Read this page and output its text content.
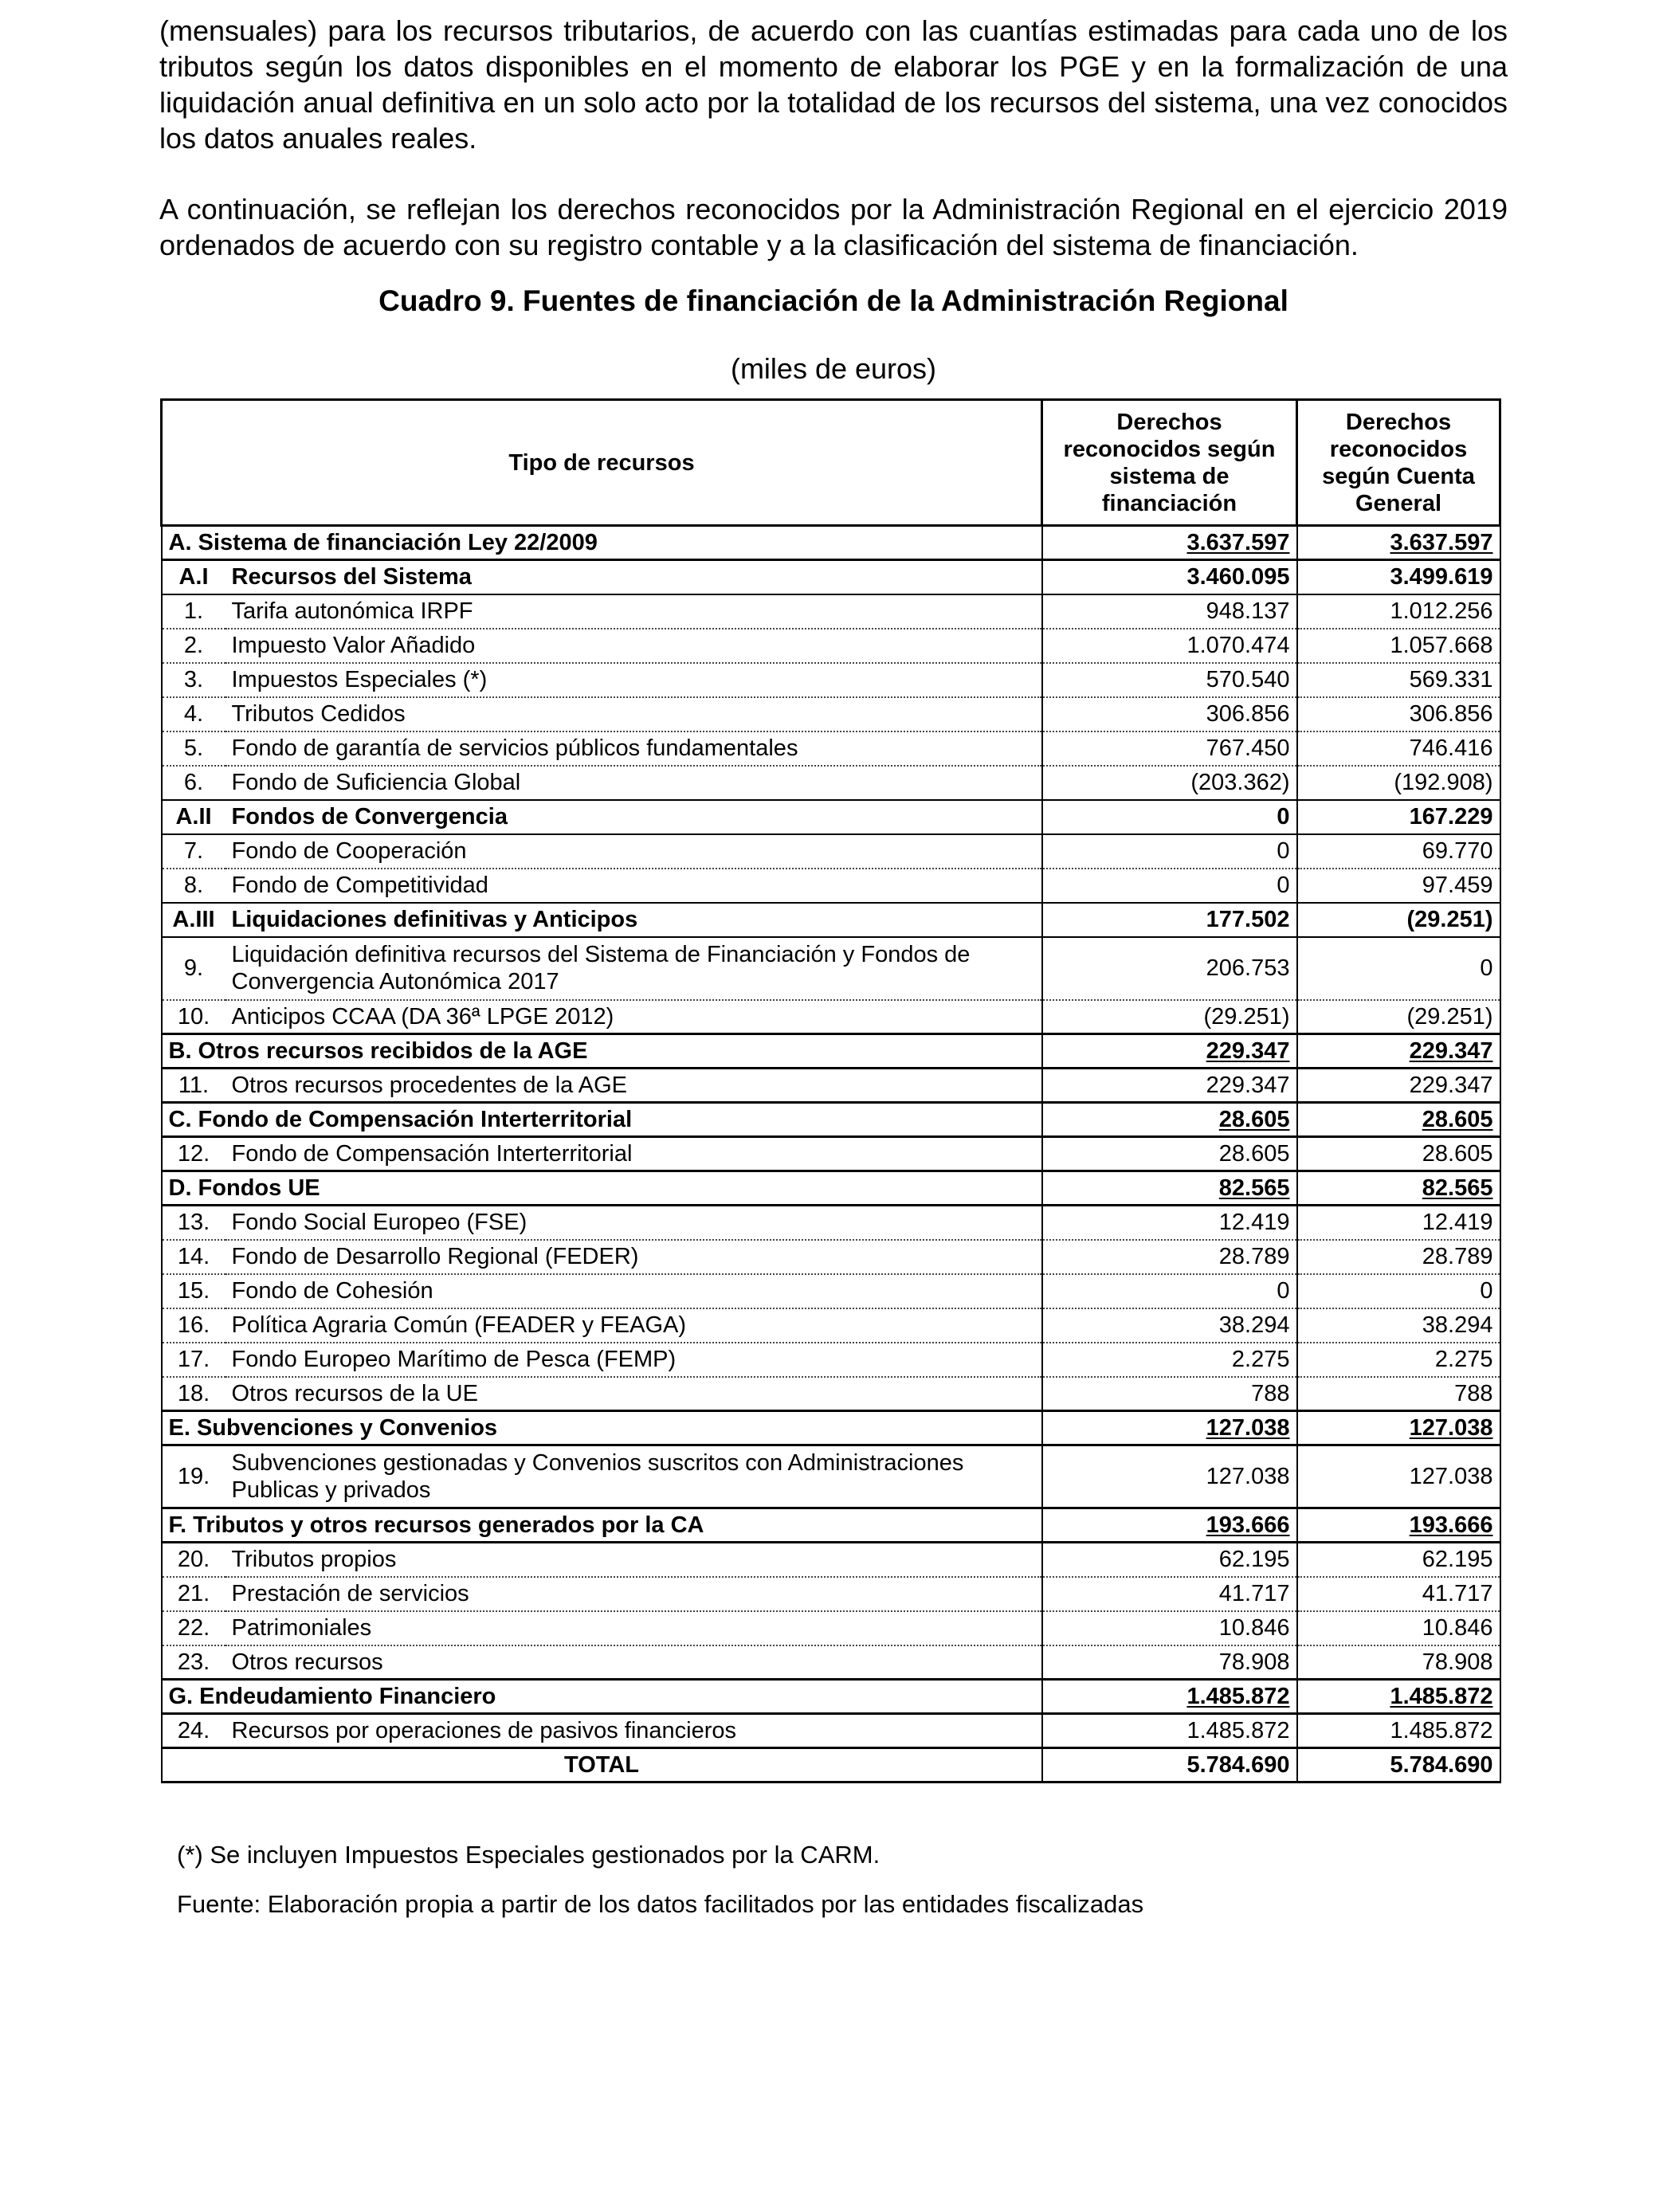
(mensuales) para los recursos tributarios, de acuerdo con las cuantías estimadas para cada uno de los tributos según los datos disponibles en el momento de elaborar los PGE y en la formalización de una liquidación anual definitiva en un solo acto por la totalidad de los recursos del sistema, una vez conocidos los datos anuales reales.

A continuación, se reflejan los derechos reconocidos por la Administración Regional en el ejercicio 2019 ordenados de acuerdo con su registro contable y a la clasificación del sistema de financiación.

Cuadro 9. Fuentes de financiación de la Administración Regional
(miles de euros)
Tipo de recursos		Derechos reconocidos según sistema de financiación	Derechos reconocidos según Cuenta General
A. Sistema de financiación Ley 22/2009		3.637.597	3.637.597
A.I	Recursos del Sistema	3.460.095	3.499.619
1.	Tarifa autonómica IRPF	948.137	1.012.256
2.	Impuesto Valor Añadido	1.070.474	1.057.668
3.	Impuestos Especiales (*)	570.540	569.331
4.	Tributos Cedidos	306.856	306.856
5.	Fondo de garantía de servicios públicos fundamentales	767.450	746.416
6.	Fondo de Suficiencia Global	(203.362)	(192.908)
A.II	Fondos de Convergencia	0	167.229
7.	Fondo de Cooperación	0	69.770
8.	Fondo de Competitividad	0	97.459
A.III	Liquidaciones definitivas y Anticipos	177.502	(29.251)
9.	Liquidación definitiva recursos del Sistema de Financiación y Fondos de Convergencia Autonómica 2017	206.753	0
10.	Anticipos CCAA (DA 36ª LPGE 2012)	(29.251)	(29.251)
B. Otros recursos recibidos de la AGE		229.347	229.347
11.	Otros recursos procedentes de la AGE	229.347	229.347
C. Fondo de Compensación Interterritorial		28.605	28.605
12.	Fondo de Compensación Interterritorial	28.605	28.605
D. Fondos UE		82.565	82.565
13.	Fondo Social Europeo (FSE)	12.419	12.419
14.	Fondo de Desarrollo Regional (FEDER)	28.789	28.789
15.	Fondo de Cohesión	0	0
16.	Política Agraria Común (FEADER y FEAGA)	38.294	38.294
17.	Fondo Europeo Marítimo de Pesca (FEMP)	2.275	2.275
18.	Otros recursos de la UE	788	788
E. Subvenciones y Convenios		127.038	127.038
19.	Subvenciones gestionadas y Convenios suscritos con Administraciones Publicas y privados	127.038	127.038
F. Tributos y otros recursos generados por la CA		193.666	193.666
20.	Tributos propios	62.195	62.195
21.	Prestación de servicios	41.717	41.717
22.	Patrimoniales	10.846	10.846
23.	Otros recursos	78.908	78.908
G. Endeudamiento Financiero		1.485.872	1.485.872
24.	Recursos por operaciones de pasivos financieros	1.485.872	1.485.872
TOTAL		5.784.690	5.784.690

(*) Se incluyen Impuestos Especiales gestionados por la CARM.

Fuente: Elaboración propia a partir de los datos facilitados por las entidades fiscalizadas
